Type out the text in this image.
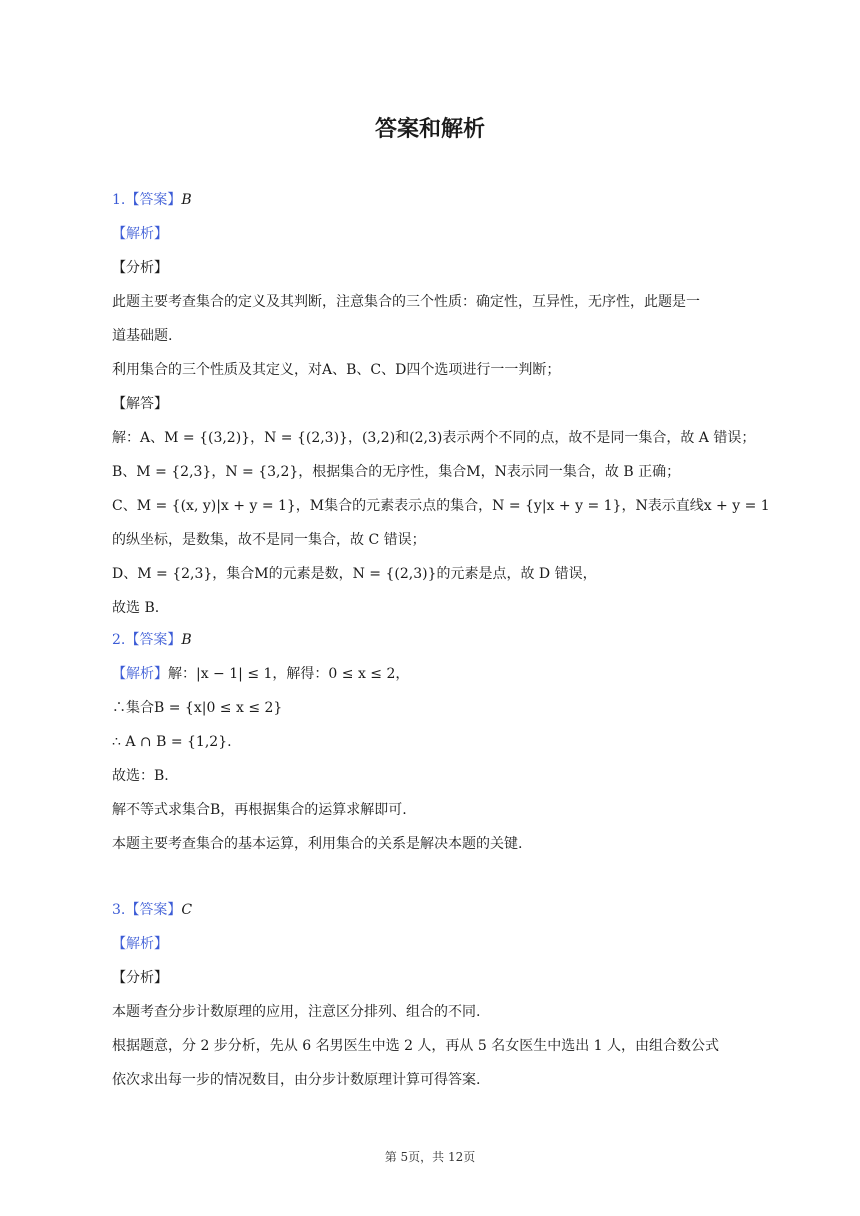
答案和解析
1.【答案】B
【解析】
【分析】
此题主要考查集合的定义及其判断，注意集合的三个性质：确定性，互异性，无序性，此题是一
道基础题.
利用集合的三个性质及其定义，对A、B、C、D四个选项进行一一判断；
【解答】
解：A、M = {(3,2)}，N = {(2,3)}，(3,2)和(2,3)表示两个不同的点，故不是同一集合，故 A 错误；
B、M = {2,3}，N = {3,2}，根据集合的无序性，集合M，N表示同一集合，故 B 正确；
C、M = {(x, y)|x + y = 1}，M集合的元素表示点的集合，N = {y|x + y = 1}，N表示直线x + y = 1
的纵坐标，是数集，故不是同一集合，故 C 错误；
D、M = {2,3}，集合M的元素是数，N = {(2,3)}的元素是点，故 D 错误，
故选 B.
2.【答案】B
【解析】解：|x − 1| ≤ 1，解得：0 ≤ x ≤ 2，
∴集合B = {x|0 ≤ x ≤ 2}
∴ A ∩ B = {1,2}.
故选：B.
解不等式求集合B，再根据集合的运算求解即可.
本题主要考查集合的基本运算，利用集合的关系是解决本题的关键.
3.【答案】C
【解析】
【分析】
本题考查分步计数原理的应用，注意区分排列、组合的不同.
根据题意，分 2 步分析，先从 6 名男医生中选 2 人，再从 5 名女医生中选出 1 人，由组合数公式
依次求出每一步的情况数目，由分步计数原理计算可得答案.
第 5页，共 12页
